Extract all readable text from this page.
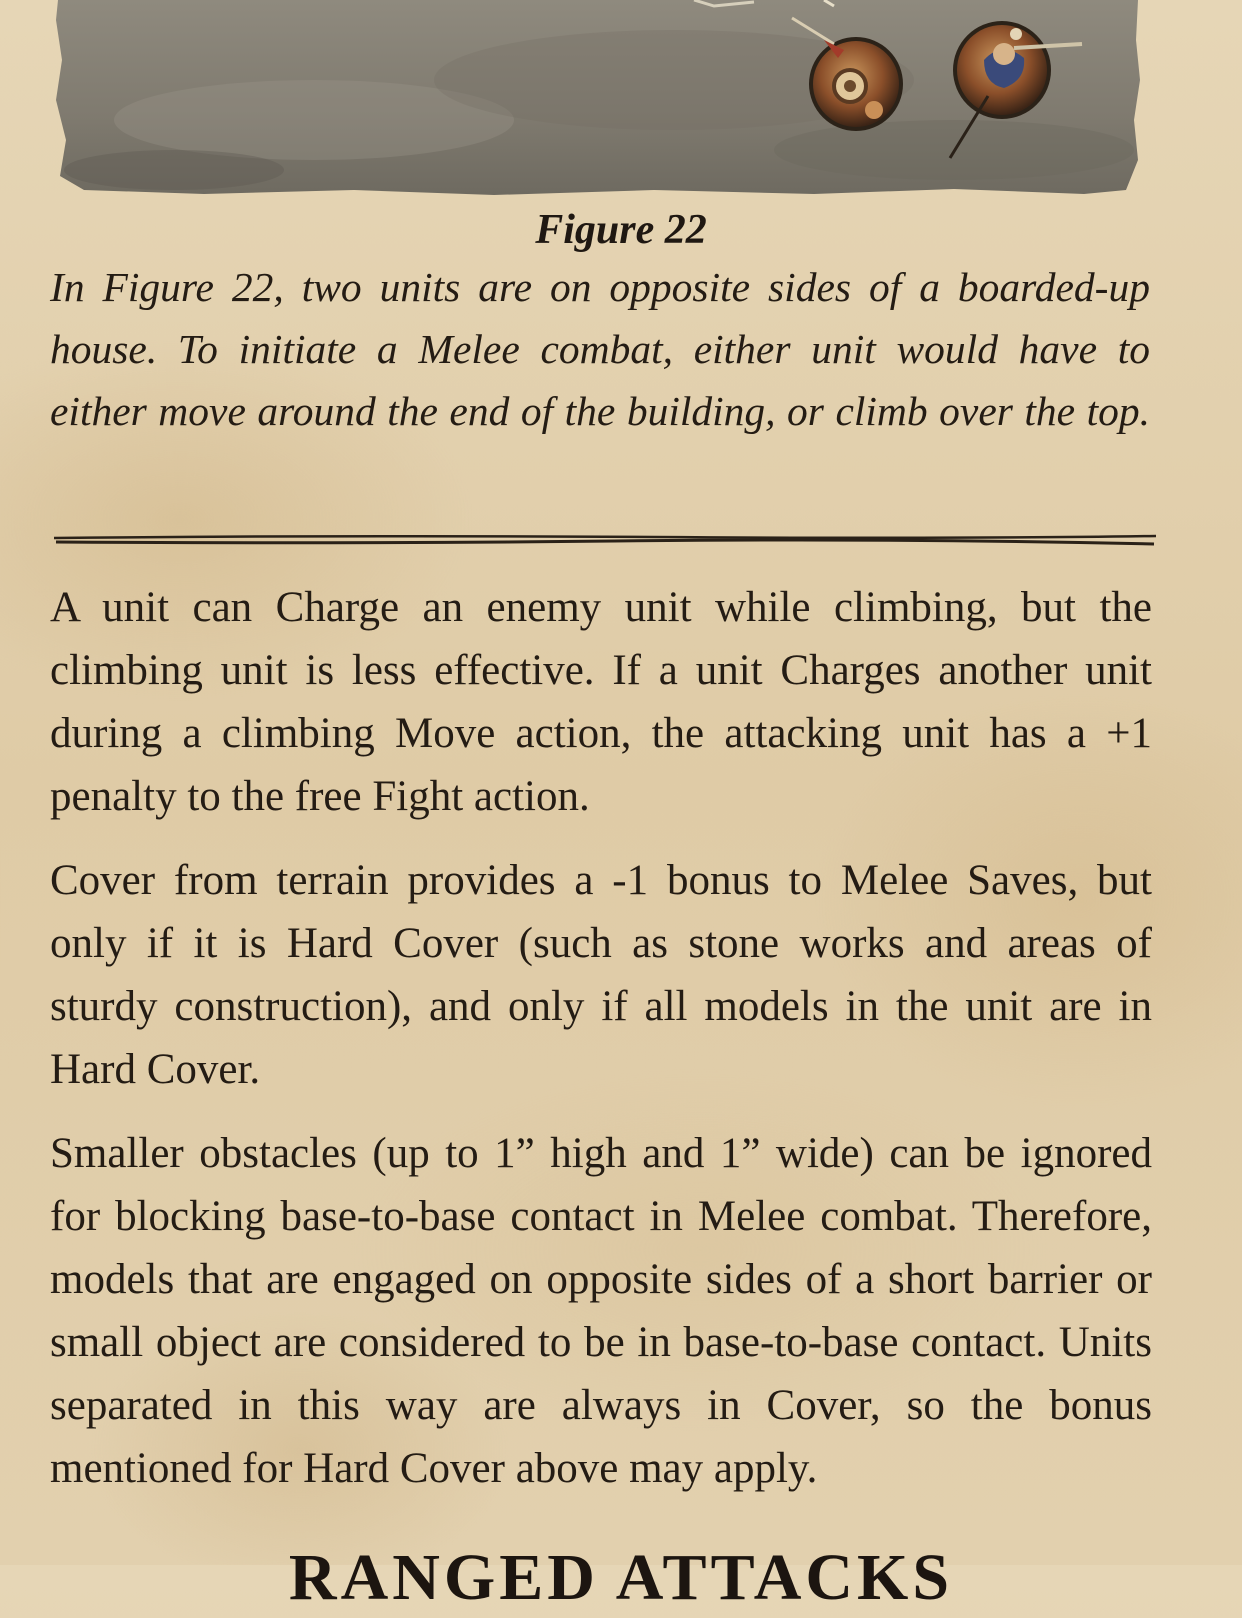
Figure 22

In Figure 22, two units are on opposite sides of a boarded-up house. To initiate a Melee combat, either unit would have to either move around the end of the building, or climb over the top.

A unit can Charge an enemy unit while climbing, but the climbing unit is less effective. If a unit Charges another unit during a climbing Move action, the attacking unit has a +1 penalty to the free Fight action.

Cover from terrain provides a -1 bonus to Melee Saves, but only if it is Hard Cover (such as stone works and areas of sturdy construction), and only if all models in the unit are in Hard Cover.

Smaller obstacles (up to 1” high and 1” wide) can be ignored for blocking base-to-base contact in Melee combat. Therefore, models that are engaged on opposite sides of a short barrier or small object are considered to be in base-to-base contact. Units separated in this way are always in Cover, so the bonus mentioned for Hard Cover above may apply.

RANGED ATTACKS
